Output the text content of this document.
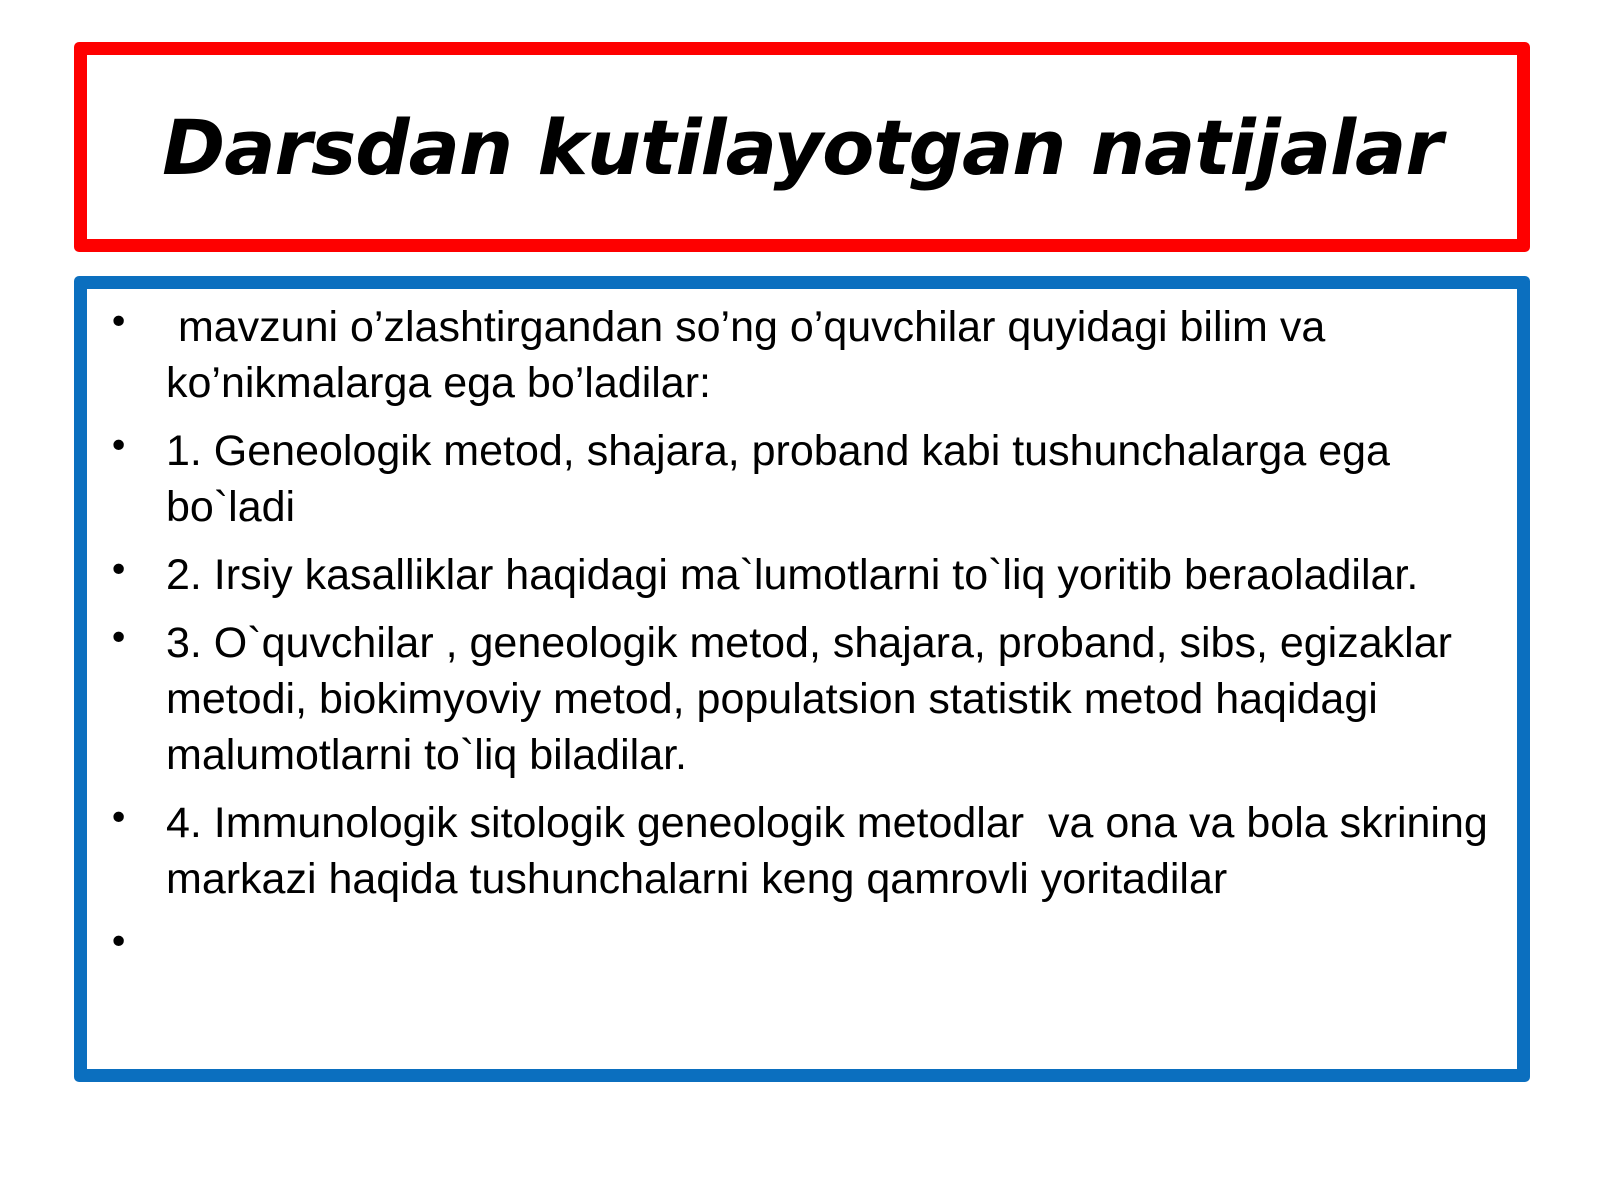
Darsdan kutilayotgan natijalar
• mavzuni o’zlashtirgandan so’ng o’quvchilar quyidagi bilim va ko’nikmalarga ega bo’ladilar:
• 1. Geneologik metod, shajara, proband kabi tushunchalarga ega bo`ladi
• 2. Irsiy kasalliklar haqidagi ma`lumotlarni to`liq yoritib beraoladilar.
• 3. O`quvchilar , geneologik metod, shajara, proband, sibs, egizaklar metodi, biokimyoviy metod, populatsion statistik metod haqidagi malumotlarni to`liq biladilar.
• 4. Immunologik sitologik geneologik metodlar  va ona va bola skrining markazi haqida tushunchalarni keng qamrovli yoritadilar
•
